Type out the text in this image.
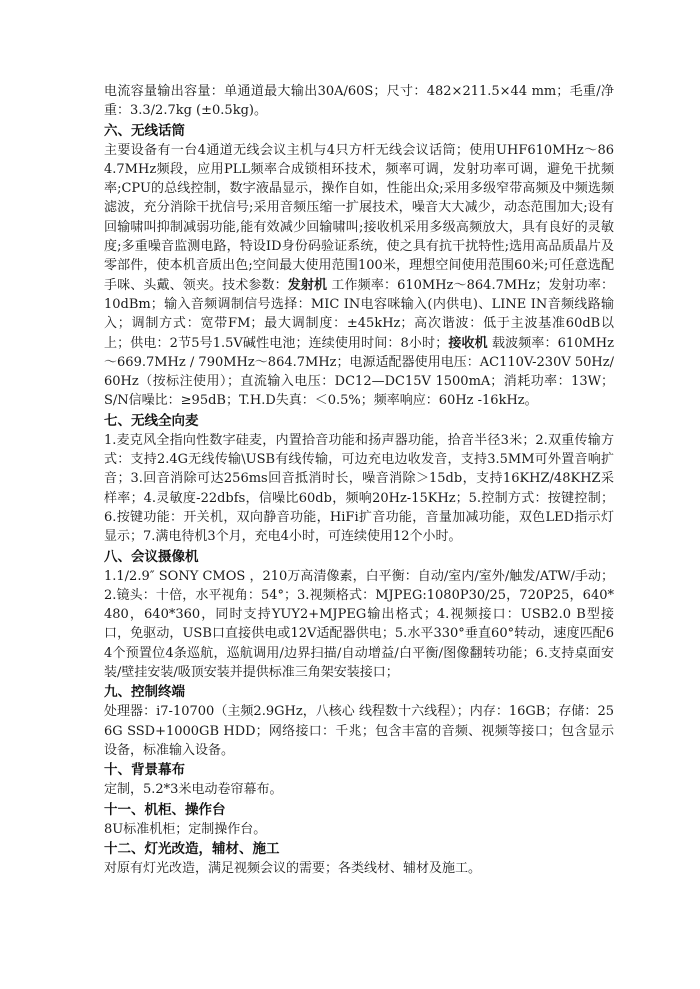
电流容量输出容量：单通道最大输出30A/60S；尺寸：482×211.5×44 mm；毛重/净重：3.3/2.7kg (±0.5kg)。

六、无线话筒

主要设备有一台4通道无线会议主机与4只方杆无线会议话筒；使用UHF610MHz～864.7MHz频段，应用PLL频率合成锁相环技术，频率可调，发射功率可调，避免干扰频率;CPU的总线控制，数字液晶显示，操作自如，性能出众;采用多级窄带高频及中频选频滤波，充分消除干扰信号;采用音频压缩一扩展技术，噪音大大减少，动态范围加大;设有回输啸叫抑制减弱功能,能有效减少回输啸叫;接收机采用多级高频放大，具有良好的灵敏度;多重噪音监测电路，特设ID身份码验证系统，使之具有抗干扰特性;选用高品质晶片及零部件，使本机音质出色;空间最大使用范围100米，理想空间使用范围60米;可任意选配手咪、头戴、领夹。技术参数：发射机 工作频率：610MHz～864.7MHz；发射功率：10dBm；输入音频调制信号选择：MIC IN电容咪输入(内供电)、LINE IN音频线路输入；调制方式：宽带FM；最大调制度：±45kHz；高次谐波：低于主波基准60dB以上；供电：2节5号1.5V碱性电池；连续使用时间：8小时；接收机 载波频率：610MHz～669.7MHz / 790MHz～864.7MHz；电源适配器使用电压：AC110V-230V 50Hz/60Hz（按标注使用）；直流输入电压：DC12—DC15V 1500mA；消耗功率：13W；S/N信噪比：≥95dB；T.H.D失真：＜0.5%；频率响应：60Hz -16kHz。

七、无线全向麦

1.麦克风全指向性数字硅麦，内置拾音功能和扬声器功能，拾音半径3米；2.双重传输方式：支持2.4G无线传输\USB有线传输，可边充电边收发音，支持3.5MM可外置音响扩音；3.回音消除可达256ms回音抵消时长，噪音消除＞15db，支持16KHZ/48KHZ采样率；4.灵敏度-22dbfs，信噪比60db，频响20Hz-15KHz；5.控制方式：按键控制；6.按键功能：开关机，双向静音功能，HiFi扩音功能，音量加减功能，双色LED指示灯显示；7.满电待机3个月，充电4小时，可连续使用12个小时。

八、会议摄像机

1.1/2.9″ SONY CMOS ，210万高清像素，白平衡：自动/室内/室外/触发/ATW/手动；2.镜头：十倍，水平视角：54°；3.视频格式：MJPEG:1080P30/25，720P25，640*480，640*360，同时支持YUY2+MJPEG输出格式；4.视频接口：USB2.0 B型接口，免驱动，USB口直接供电或12V适配器供电；5.水平330°垂直60°转动，速度匹配64个预置位4条巡航，巡航调用/边界扫描/自动增益/白平衡/图像翻转功能；6.支持桌面安装/壁挂安装/吸顶安装并提供标准三角架安装接口；

九、控制终端

处理器：i7-10700（主频2.9GHz，八核心 线程数十六线程）；内存：16GB；存储：256G SSD+1000GB HDD；网络接口：千兆；包含丰富的音频、视频等接口；包含显示设备，标准输入设备。

十、背景幕布

定制，5.2*3米电动卷帘幕布。

十一、机柜、操作台

8U标准机柜；定制操作台。

十二、灯光改造，辅材、施工

对原有灯光改造，满足视频会议的需要；各类线材、辅材及施工。
